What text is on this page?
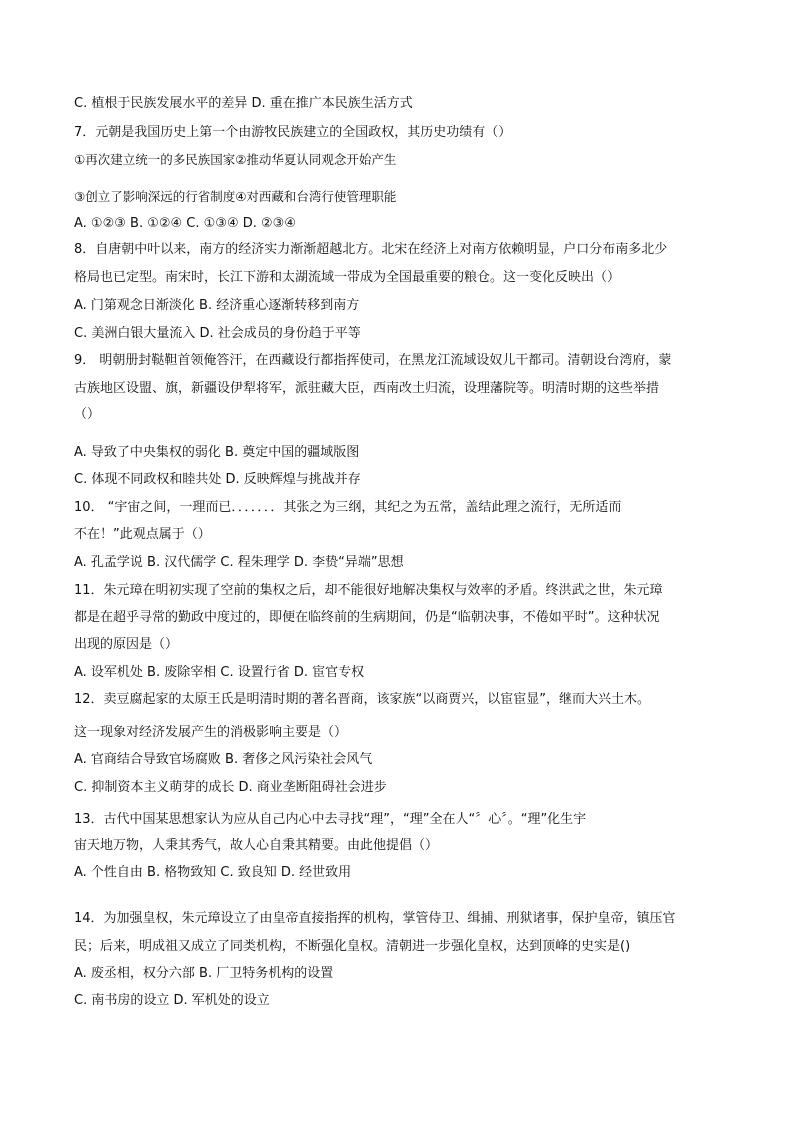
C. 植根于民族发展水平的差异 D. 重在推广本民族生活方式
7．元朝是我国历史上第一个由游牧民族建立的全国政权，其历史功绩有（）
①再次建立统一的多民族国家②推动华夏认同观念开始产生
③创立了影响深远的行省制度④对西藏和台湾行使管理职能
A. ①②③ B. ①②④ C. ①③④ D. ②③④
8．自唐朝中叶以来，南方的经济实力渐渐超越北方。北宋在经济上对南方依赖明显，户口分布南多北少
格局也已定型。南宋时，长江下游和太湖流域一带成为全国最重要的粮仓。这一变化反映出（）
A. 门第观念日渐淡化 B. 经济重心逐渐转移到南方
C. 美洲白银大量流入 D. 社会成员的身份趋于平等
9． 明朝册封鞑靼首领俺答汗，在西藏设行都指挥使司，在黑龙江流域设奴儿干都司。清朝设台湾府，蒙
古族地区设盟、旗，新疆设伊犁将军，派驻藏大臣，西南改土归流，设理藩院等。明清时期的这些举措
（）
A. 导致了中央集权的弱化 B. 奠定中国的疆域版图
C. 体现不同政权和睦共处 D. 反映辉煌与挑战并存
10． “宇宙之间，一理而已．．．．．．．其张之为三纲，其纪之为五常，盖结此理之流行，无所适而
不在！”此观点属于（）
A. 孔孟学说 B. 汉代儒学 C. 程朱理学 D. 李贽“异端”思想
11．朱元璋在明初实现了空前的集权之后，却不能很好地解决集权与效率的矛盾。终洪武之世，朱元璋
都是在超乎寻常的勤政中度过的，即便在临终前的生病期间，仍是“临朝决事，不倦如平时”。这种状况
出现的原因是（）
A. 设军机处 B. 废除宰相 C. 设置行省 D. 宦官专权
12．卖豆腐起家的太原王氏是明清时期的著名晋商，该家族“以商贾兴，以宦宦显”，继而大兴土木。
这一现象对经济发展产生的消极影响主要是（）
A. 官商结合导致官场腐败 B. 奢侈之风污染社会风气
C. 抑制资本主义萌芽的成长 D. 商业垄断阻碍社会进步
13．古代中国某思想家认为应从自己内心中去寻找“理”，“理”全在人“〞心〞。“理”化生宇
宙天地万物，人秉其秀气，故人心自秉其精要。由此他提倡（）
A. 个性自由 B. 格物致知 C. 致良知 D. 经世致用
14．为加强皇权，朱元璋设立了由皇帝直接指挥的机构，掌管侍卫、缉捕、刑狱诸事，保护皇帝，镇压官
民；后来，明成祖又成立了同类机构，不断强化皇权。清朝进一步强化皇权，达到顶峰的史实是()
A. 废丞相，权分六部 B. 厂卫特务机构的设置
C. 南书房的设立 D. 军机处的设立
